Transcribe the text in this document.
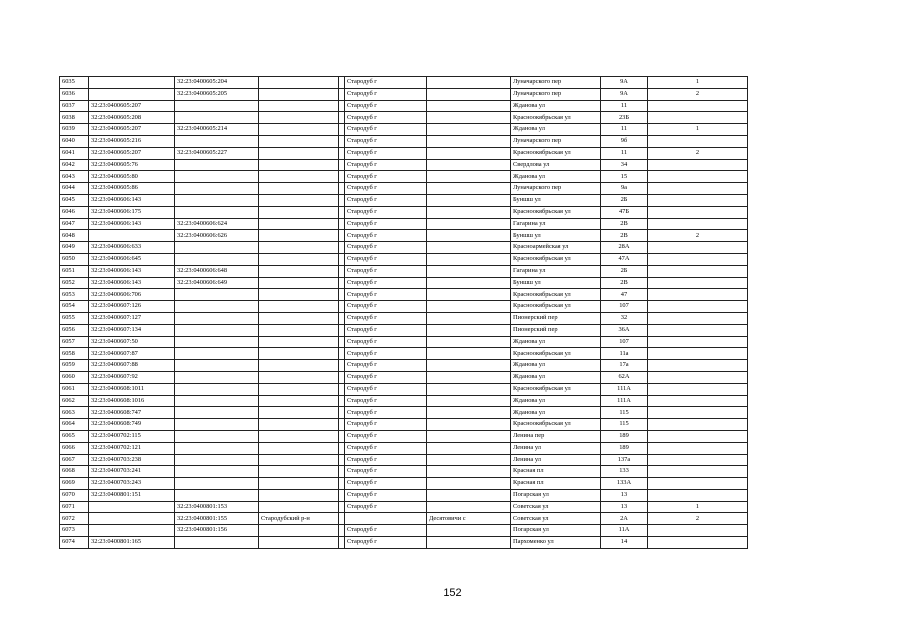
6035		32:23:0400605:204			Стародуб г		Луначарского пер	9А	1
6036		32:23:0400605:205			Стародуб г		Луначарского пер	9А	2
6037	32:23:0400605:207				Стародуб г		Жданова ул	11	
6038	32:23:0400605:208				Стародуб г		Красноокябрьская ул	23Б	
6039	32:23:0400605:207	32:23:0400605:214			Стародуб г		Жданова ул	11	1
6040	32:23:0400605:216				Стародуб г		Луначарского пер	9б	
6041	32:23:0400605:207	32:23:0400605:227			Стародуб г		Красноокябрьская ул	11	2
6042	32:23:0400605:76				Стародуб г		Свердлова ул	34	
6043	32:23:0400605:80				Стародуб г		Жданова ул	15	
6044	32:23:0400605:86				Стародуб г		Луначарского пер	9а	
6045	32:23:0400606:143				Стародуб г		Буншш ул	2Б	
6046	32:23:0400606:175				Стародуб г		Красноокябрьская ул	47Б	
6047	32:23:0400606:143	32:23:0400606:624			Стародуб г		Гагарина ул	2В	
6048		32:23:0400606:626			Стародуб г		Буншш ул	2В	2
6049	32:23:0400606:633				Стародуб г		Красноармейская ул	28А	
6050	32:23:0400606:645				Стародуб г		Красноокябрьская ул	47А	
6051	32:23:0400606:143	32:23:0400606:648			Стародуб г		Гагарина ул	2Б	
6052	32:23:0400606:143	32:23:0400606:649			Стародуб г		Буншш ул	2В	
6053	32:23:0400606:706				Стародуб г		Красноокябрьская ул	47	
6054	32:23:0400607:126				Стародуб г		Красноокябрьская ул	107	
6055	32:23:0400607:127				Стародуб г		Пионерский пер	32	
6056	32:23:0400607:134				Стародуб г		Пионерский пер	36А	
6057	32:23:0400607:50				Стародуб г		Жданова ул	107	
6058	32:23:0400607:87				Стародуб г		Красноокябрьская ул	11а	
6059	32:23:0400607:88				Стародуб г		Жданова ул	17а	
6060	32:23:0400607:92				Стародуб г		Жданова ул	62А	
6061	32:23:0400608:1011				Стародуб г		Красноокябрьская ул	111А	
6062	32:23:0400608:1016				Стародуб г		Жданова ул	111А	
6063	32:23:0400608:747				Стародуб г		Жданова ул	115	
6064	32:23:0400608:749				Стародуб г		Красноокябрьская ул	115	
6065	32:23:0400702:115				Стародуб г		Ленина пер	189	
6066	32:23:0400702:121				Стародуб г		Ленина ул	189	
6067	32:23:0400703:238				Стародуб г		Ленина ул	137а	
6068	32:23:0400703:241				Стародуб г		Красная пл	133	
6069	32:23:0400703:243				Стародуб г		Красная пл	133А	
6070	32:23:0400801:151				Стародуб г		Погарская ул	13	
6071		32:23:0400801:153			Стародуб г		Советская ул	13	1
6072		32:23:0400801:155	Стародубский р-н			Десятовичи с	Советская ул	2А	2
6073		32:23:0400801:156			Стародуб г		Погарская ул	11А	
6074	32:23:0400801:165				Стародуб г		Пархоменко ул	14	
152
